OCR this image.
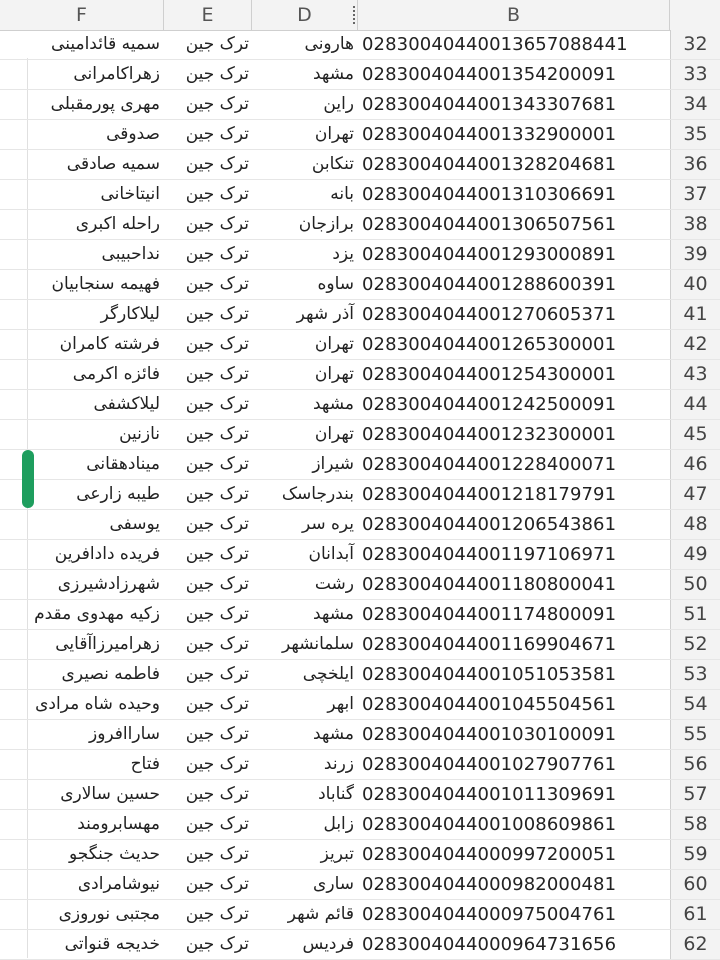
F	E	D	B
سمیه قائدامینی	ترک جین	هارونی 02830040440013657088441	32
زهراکامرانی	ترک جین	مشهد 0283004044001354200091	33
مهری پورمقبلی	ترک جین	راین 0283004044001343307681	34
صدوقی	ترک جین	تهران 0283004044001332900001	35
سمیه صادقی	ترک جین	تنکابن 0283004044001328204681	36
انیتاخانی	ترک جین	بانه 0283004044001310306691	37
راحله اکبری	ترک جین	برازجان 0283004044001306507561	38
نداحبیبی	ترک جین	یزد 0283004044001293000891	39
فهیمه سنجابیان	ترک جین	ساوه 0283004044001288600391	40
لیلاکارگر	ترک جین	آذر شهر 0283004044001270605371	41
فرشته کامران	ترک جین	تهران 0283004044001265300001	42
فائزه اکرمی	ترک جین	تهران 0283004044001254300001	43
لیلاکشفی	ترک جین	مشهد 0283004044001242500091	44
نازنین	ترک جین	تهران 0283004044001232300001	45
مینادهقانی	ترک جین	شیراز 0283004044001228400071	46
طیبه زارعی	ترک جین	بندرجاسک 0283004044001218179791	47
یوسفی	ترک جین	یره سر 0283004044001206543861	48
فریده دادافرین	ترک جین	آبدانان 0283004044001197106971	49
شهرزادشیرزی	ترک جین	رشت 0283004044001180800041	50
زکیه مهدوی مقدم	ترک جین	مشهد 0283004044001174800091	51
زهرامیرزاآقایی	ترک جین	سلمانشهر 0283004044001169904671	52
فاطمه نصیری	ترک جین	ایلخچی 0283004044001051053581	53
وحیده شاه مرادی	ترک جین	ابهر 0283004044001045504561	54
ساراافروز	ترک جین	مشهد 0283004044001030100091	55
فتاح	ترک جین	زرند 0283004044001027907761	56
حسین سالاری	ترک جین	گناباد 0283004044001011309691	57
مهسابرومند	ترک جین	زابل 0283004044001008609861	58
حدیث جنگجو	ترک جین	تبریز 0283004044000997200051	59
نیوشامرادی	ترک جین	ساری 0283004044000982000481	60
مجتبی نوروزی	ترک جین	قائم شهر 0283004044000975004761	61
خدیجه قنواتی	ترک جین	فردیس 0283004044000964731656	62
